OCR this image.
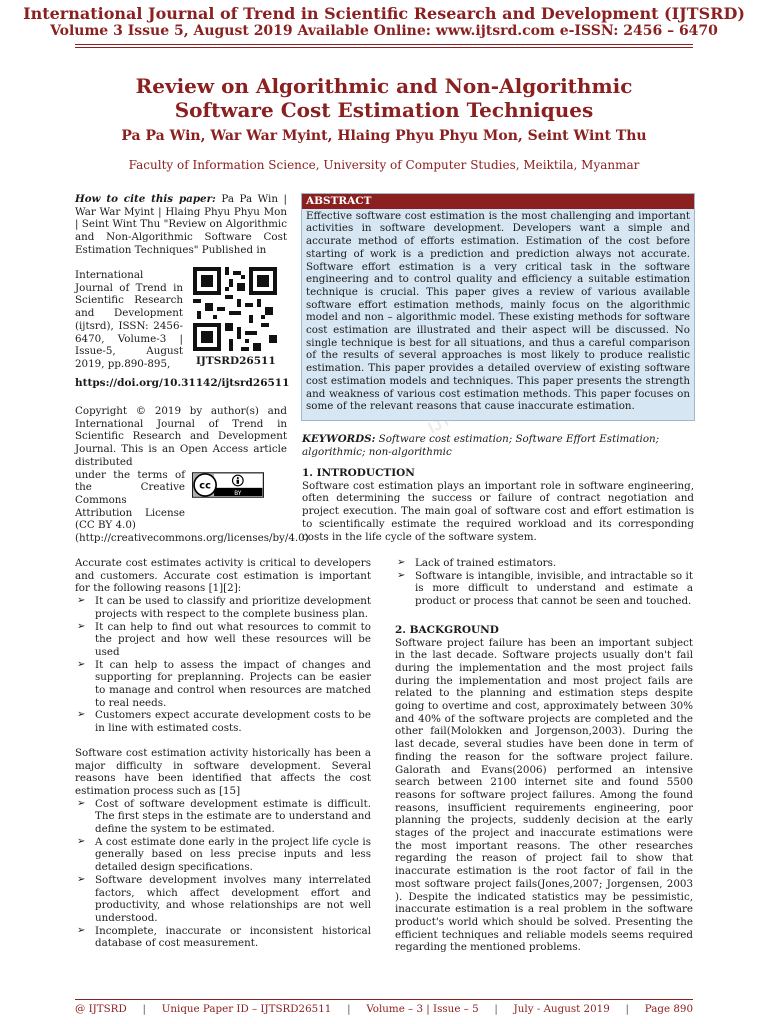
International Journal of Trend in Scientific Research and Development (IJTSRD)
Volume 3 Issue 5, August 2019 Available Online: www.ijtsrd.com e-ISSN: 2456 – 6470
Review on Algorithmic and Non-Algorithmic
Software Cost Estimation Techniques
Pa Pa Win, War War Myint, Hlaing Phyu Phyu Mon, Seint Wint Thu
Faculty of Information Science, University of Computer Studies, Meiktila, Myanmar

How to cite this paper: Pa Pa Win | War War Myint | Hlaing Phyu Phyu Mon | Seint Wint Thu "Review on Algorithmic and Non-Algorithmic Software Cost Estimation Techniques" Published in

International Journal of Trend in Scientific Research and Development (ijtsrd), ISSN: 2456-6470, Volume-3 | Issue-5, August 2019, pp.890-895,	IJTSRD26511
https://doi.org/10.31142/ijtsrd26511

Copyright © 2019 by author(s) and International Journal of Trend in Scientific Research and Development Journal. This is an Open Access article distributed

under the terms of the Creative Commons Attribution License (CC BY 4.0)

(http://creativecommons.org/licenses/by/4.0)

cc
BY
ABSTRACT
Effective software cost estimation is the most challenging and important activities in software development. Developers want a simple and accurate method of efforts estimation. Estimation of the cost before starting of work is a prediction and prediction always not accurate. Software effort estimation is a very critical task in the software engineering and to control quality and efficiency a suitable estimation technique is crucial. This paper gives a review of various available software effort estimation methods, mainly focus on the algorithmic model and non – algorithmic model. These existing methods for software cost estimation are illustrated and their aspect will be discussed. No single technique is best for all situations, and thus a careful comparison of the results of several approaches is most likely to produce realistic estimation. This paper provides a detailed overview of existing software cost estimation models and techniques. This paper presents the strength and weakness of various cost estimation methods. This paper focuses on some of the relevant reasons that cause inaccurate estimation.
KEYWORDS: Software cost estimation; Software Effort Estimation; algorithmic; non-algorithmic
1. INTRODUCTION

Software cost estimation plays an important role in software engineering, often determining the success or failure of contract negotiation and project execution. The main goal of software cost and effort estimation is to scientifically estimate the required workload and its corresponding costs in the life cycle of the software system.

Accurate cost estimates activity is critical to developers and customers. Accurate cost estimation is important for the following reasons [1][2]:

➢ It can be used to classify and prioritize development projects with respect to the complete business plan.
➢ It can help to find out what resources to commit to the project and how well these resources will be used
➢ It can help to assess the impact of changes and supporting for preplanning. Projects can be easier to manage and control when resources are matched to real needs.
➢ Customers expect accurate development costs to be in line with estimated costs.

Software cost estimation activity historically has been a major difficulty in software development. Several reasons have been identified that affects the cost estimation process such as [15]

➢ Cost of software development estimate is difficult. The first steps in the estimate are to understand and define the system to be estimated.
➢ A cost estimate done early in the project life cycle is generally based on less precise inputs and less detailed design specifications.
➢ Software development involves many interrelated factors, which affect development effort and productivity, and whose relationships are not well understood.
➢ Incomplete, inaccurate or inconsistent historical database of cost measurement.
➢ Lack of trained estimators.
➢ Software is intangible, invisible, and intractable so it is more difficult to understand and estimate a product or process that cannot be seen and touched.
2. BACKGROUND

Software project failure has been an important subject in the last decade. Software projects usually don't fail during the implementation and the most project fails during the implementation and most project fails are related to the planning and estimation steps despite going to overtime and cost, approximately between 30% and 40% of the software projects are completed and the other fail(Molokken and Jorgenson,2003). During the last decade, several studies have been done in term of finding the reason for the software project failure. Galorath and Evans(2006) performed an intensive search between 2100 internet site and found 5500 reasons for software project failures. Among the found reasons, insufficient requirements engineering, poor planning the projects, suddenly decision at the early stages of the project and inaccurate estimations were the most important reasons. The other researches regarding the reason of project fail to show that inaccurate estimation is the root factor of fail in the most software project fails(Jones,2007; Jorgensen, 2003 ). Despite the indicated statistics may be pessimistic, inaccurate estimation is a real problem in the software product's world which should be solved. Presenting the efficient techniques and reliable models seems required regarding the mentioned problems.

@ IJTSRD | Unique Paper ID – IJTSRD26511 | Volume – 3 | Issue – 5 | July - August 2019 | Page 890
